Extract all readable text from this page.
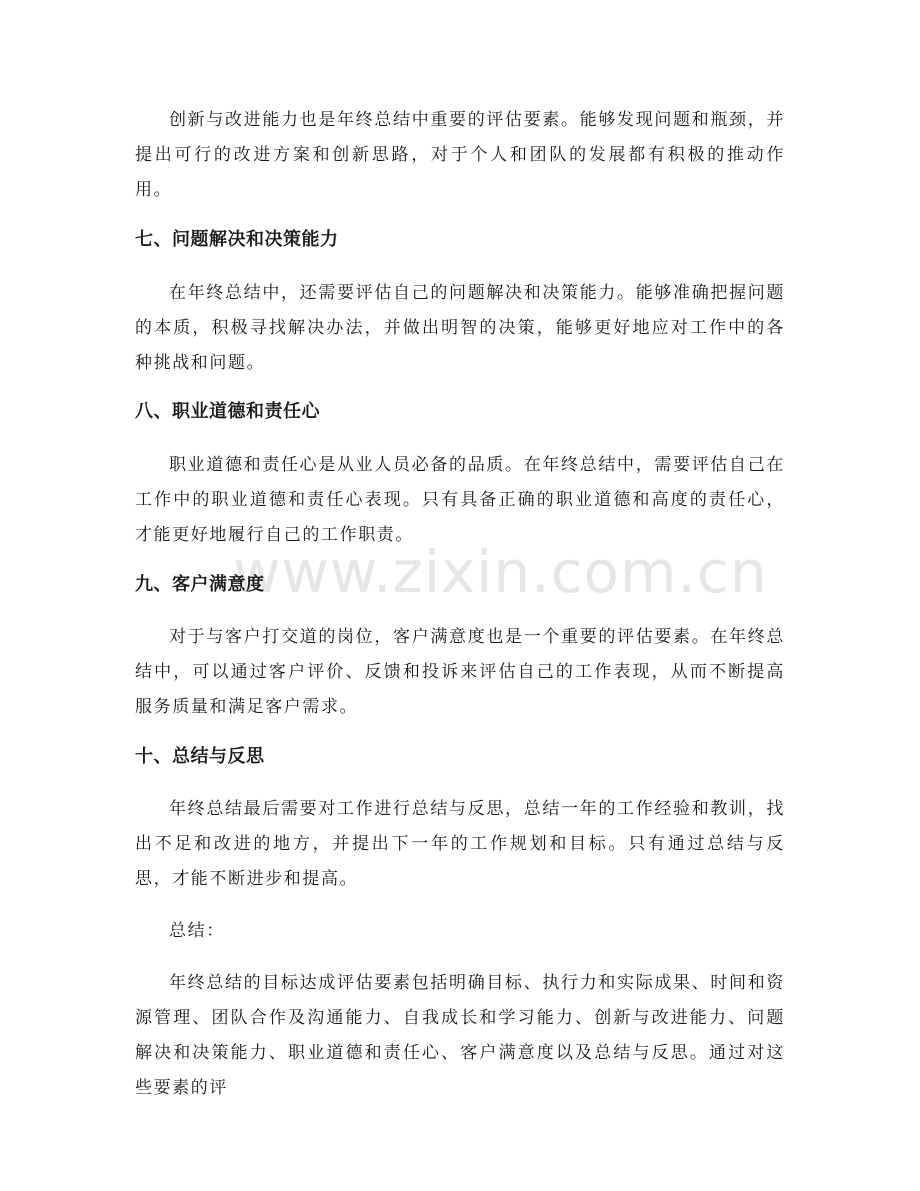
www.zixin.com.cn

创新与改进能力也是年终总结中重要的评估要素。能够发现问题和瓶颈，并提出可行的改进方案和创新思路，对于个人和团队的发展都有积极的推动作用。

七、问题解决和决策能力

在年终总结中，还需要评估自己的问题解决和决策能力。能够准确把握问题的本质，积极寻找解决办法，并做出明智的决策，能够更好地应对工作中的各种挑战和问题。

八、职业道德和责任心

职业道德和责任心是从业人员必备的品质。在年终总结中，需要评估自己在工作中的职业道德和责任心表现。只有具备正确的职业道德和高度的责任心，才能更好地履行自己的工作职责。

九、客户满意度

对于与客户打交道的岗位，客户满意度也是一个重要的评估要素。在年终总结中，可以通过客户评价、反馈和投诉来评估自己的工作表现，从而不断提高服务质量和满足客户需求。

十、总结与反思

年终总结最后需要对工作进行总结与反思，总结一年的工作经验和教训，找出不足和改进的地方，并提出下一年的工作规划和目标。只有通过总结与反思，才能不断进步和提高。

总结：

年终总结的目标达成评估要素包括明确目标、执行力和实际成果、时间和资源管理、团队合作及沟通能力、自我成长和学习能力、创新与改进能力、问题解决和决策能力、职业道德和责任心、客户满意度以及总结与反思。通过对这些要素的评
